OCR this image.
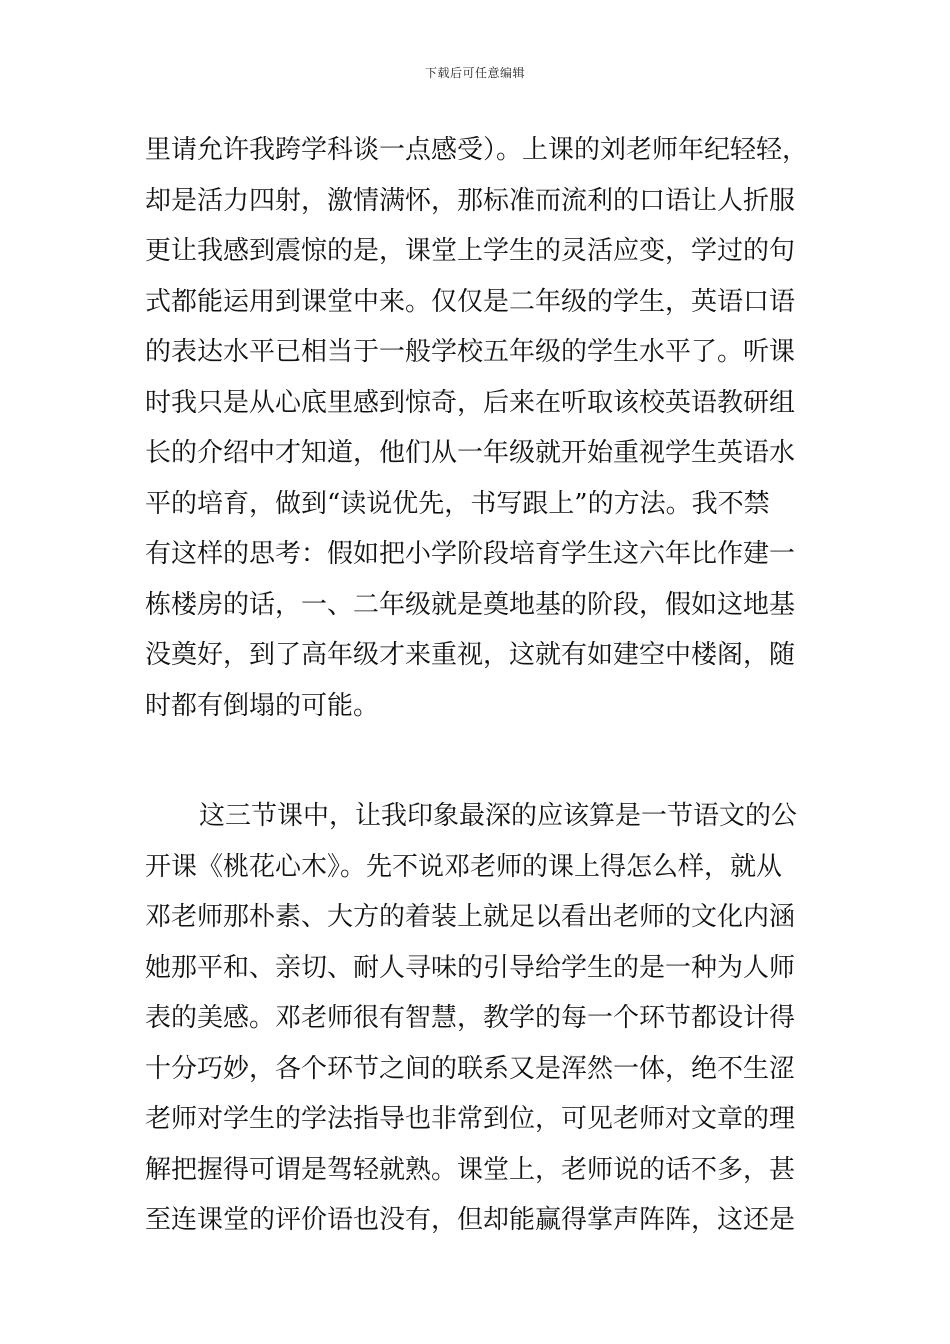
下载后可任意编辑
里请允许我跨学科谈一点感受）。上课的刘老师年纪轻轻，
却是活力四射，激情满怀，那标准而流利的口语让人折服
更让我感到震惊的是，课堂上学生的灵活应变，学过的句
式都能运用到课堂中来。仅仅是二年级的学生，英语口语
的表达水平已相当于一般学校五年级的学生水平了。听课
时我只是从心底里感到惊奇，后来在听取该校英语教研组
长的介绍中才知道，他们从一年级就开始重视学生英语水
平的培育，做到“读说优先，书写跟上”的方法。我不禁
有这样的思考：假如把小学阶段培育学生这六年比作建一
栋楼房的话，一、二年级就是奠地基的阶段，假如这地基
没奠好，到了高年级才来重视，这就有如建空中楼阁，随
时都有倒塌的可能。
这三节课中，让我印象最深的应该算是一节语文的公
开课《桃花心木》。先不说邓老师的课上得怎么样，就从
邓老师那朴素、大方的着装上就足以看出老师的文化内涵
她那平和、亲切、耐人寻味的引导给学生的是一种为人师
表的美感。邓老师很有智慧，教学的每一个环节都设计得
十分巧妙，各个环节之间的联系又是浑然一体，绝不生涩
老师对学生的学法指导也非常到位，可见老师对文章的理
解把握得可谓是驾轻就熟。课堂上，老师说的话不多，甚
至连课堂的评价语也没有，但却能赢得掌声阵阵，这还是
